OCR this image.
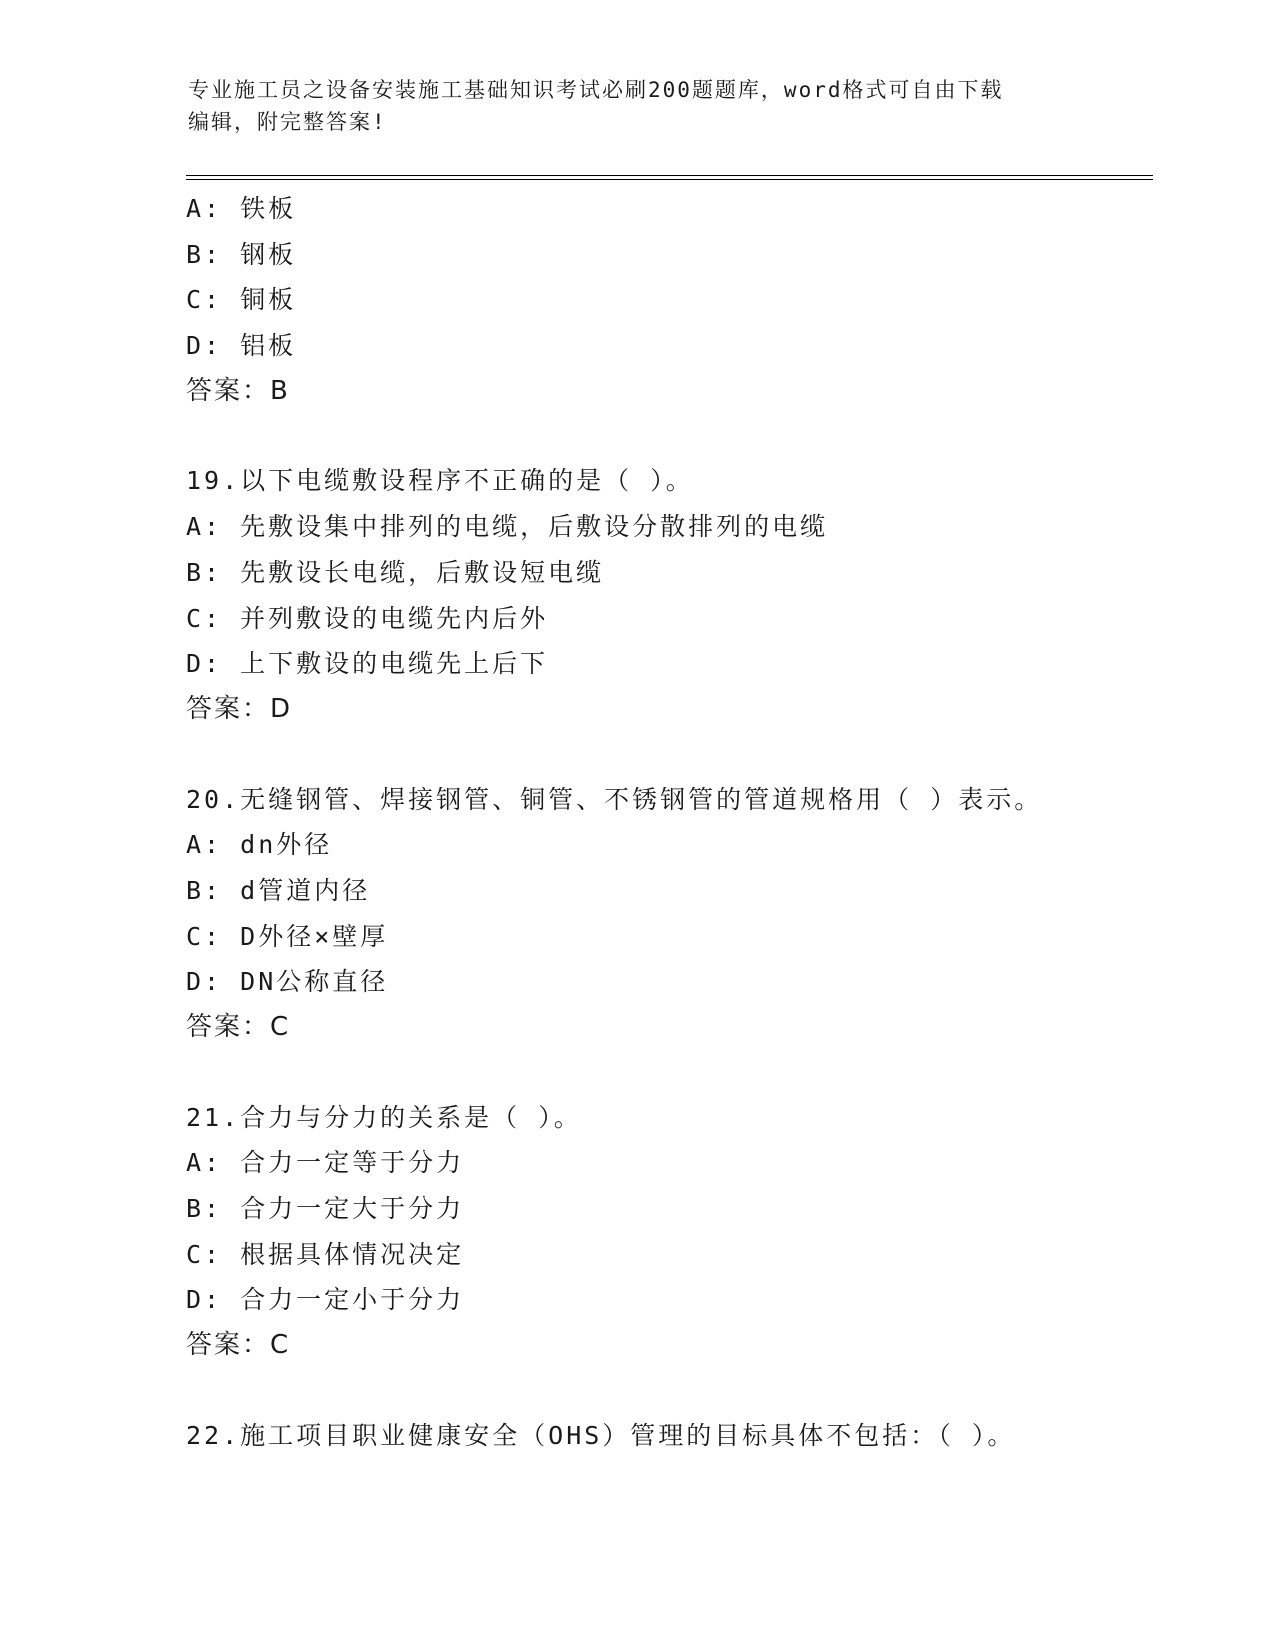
专业施工员之设备安装施工基础知识考试必刷200题题库，word格式可自由下载
编辑，附完整答案!
A: 铁板
B: 钢板
C: 铜板
D: 铝板
答案：B
19.以下电缆敷设程序不正确的是（ ）。
A: 先敷设集中排列的电缆，后敷设分散排列的电缆
B: 先敷设长电缆，后敷设短电缆
C: 并列敷设的电缆先内后外
D: 上下敷设的电缆先上后下
答案：D
20.无缝钢管、焊接钢管、铜管、不锈钢管的管道规格用（ ）表示。
A: dn外径
B: d管道内径
C: D外径×壁厚
D: DN公称直径
答案：C
21.合力与分力的关系是（ ）。
A: 合力一定等于分力
B: 合力一定大于分力
C: 根据具体情况决定
D: 合力一定小于分力
答案：C
22.施工项目职业健康安全（OHS）管理的目标具体不包括：（ ）。
